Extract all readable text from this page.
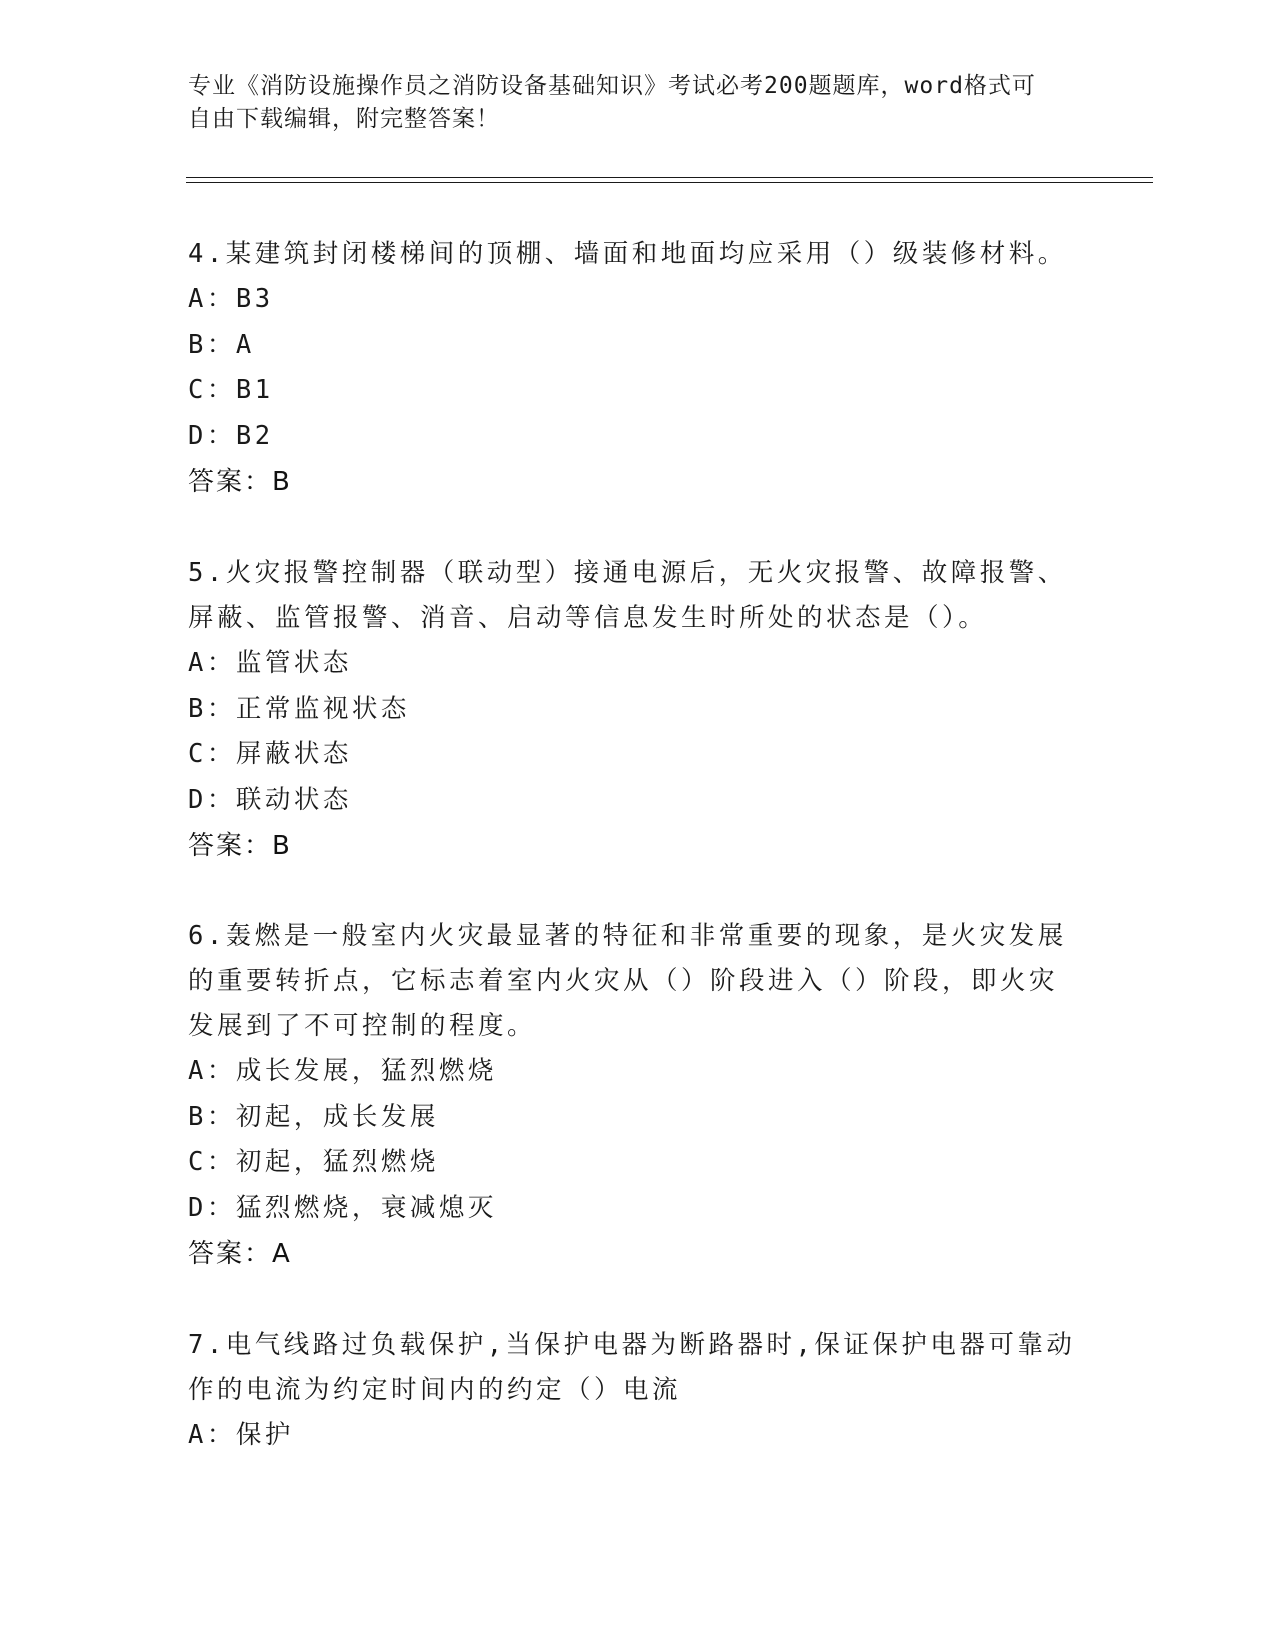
专业《消防设施操作员之消防设备基础知识》考试必考200题题库，word格式可
自由下载编辑，附完整答案！
4.某建筑封闭楼梯间的顶棚、墙面和地面均应采用（）级装修材料。
A：B3
B：A
C：B1
D：B2
答案：B
5.火灾报警控制器（联动型）接通电源后，无火灾报警、故障报警、
屏蔽、监管报警、消音、启动等信息发生时所处的状态是（）。
A：监管状态
B：正常监视状态
C：屏蔽状态
D：联动状态
答案：B
6.轰燃是一般室内火灾最显著的特征和非常重要的现象，是火灾发展
的重要转折点，它标志着室内火灾从（）阶段进入（）阶段，即火灾
发展到了不可控制的程度。
A：成长发展，猛烈燃烧
B：初起，成长发展
C：初起，猛烈燃烧
D：猛烈燃烧，衰减熄灭
答案：A
7.电气线路过负载保护,当保护电器为断路器时,保证保护电器可靠动
作的电流为约定时间内的约定（）电流
A：保护
